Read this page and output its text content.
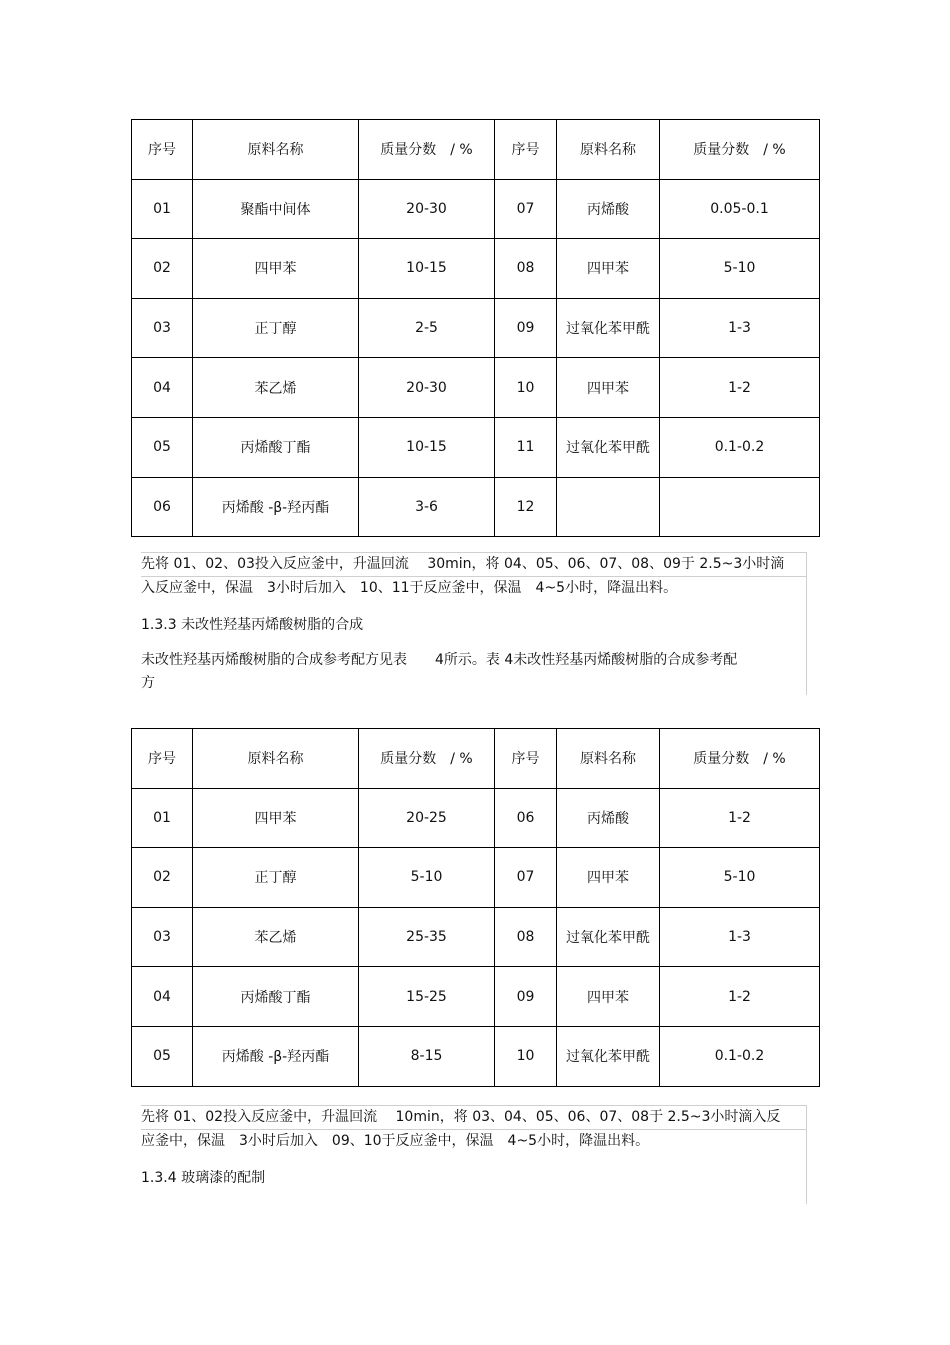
序号	原料名称	质量分数　/ %	序号	原料名称	质量分数　/ %
01	聚酯中间体	20-30	07	丙烯酸	0.05-0.1
02	四甲苯	10-15	08	四甲苯	5-10
03	正丁醇	2-5	09	过氧化苯甲酰	1-3
04	苯乙烯	20-30	10	四甲苯	1-2
05	丙烯酸丁酯	10-15	11	过氧化苯甲酰	0.1-0.2
06	丙烯酸 -β-羟丙酯	3-6	12		
先将 01、02、03投入反应釜中，升温回流　 30min，将 04、05、06、07、08、09于 2.5~3小时滴
入反应釜中，保温　3小时后加入　10、11于反应釜中，保温　4~5小时，降温出料。
1.3.3 未改性羟基丙烯酸树脂的合成
未改性羟基丙烯酸树脂的合成参考配方见表　　4所示。表 4未改性羟基丙烯酸树脂的合成参考配
方
序号	原料名称	质量分数　/ %	序号	原料名称	质量分数　/ %
01	四甲苯	20-25	06	丙烯酸	1-2
02	正丁醇	5-10	07	四甲苯	5-10
03	苯乙烯	25-35	08	过氧化苯甲酰	1-3
04	丙烯酸丁酯	15-25	09	四甲苯	1-2
05	丙烯酸 -β-羟丙酯	8-15	10	过氧化苯甲酰	0.1-0.2
先将 01、02投入反应釜中，升温回流　 10min，将 03、04、05、06、07、08于 2.5~3小时滴入反
应釜中，保温　3小时后加入　09、10于反应釜中，保温　4~5小时，降温出料。
1.3.4 玻璃漆的配制
